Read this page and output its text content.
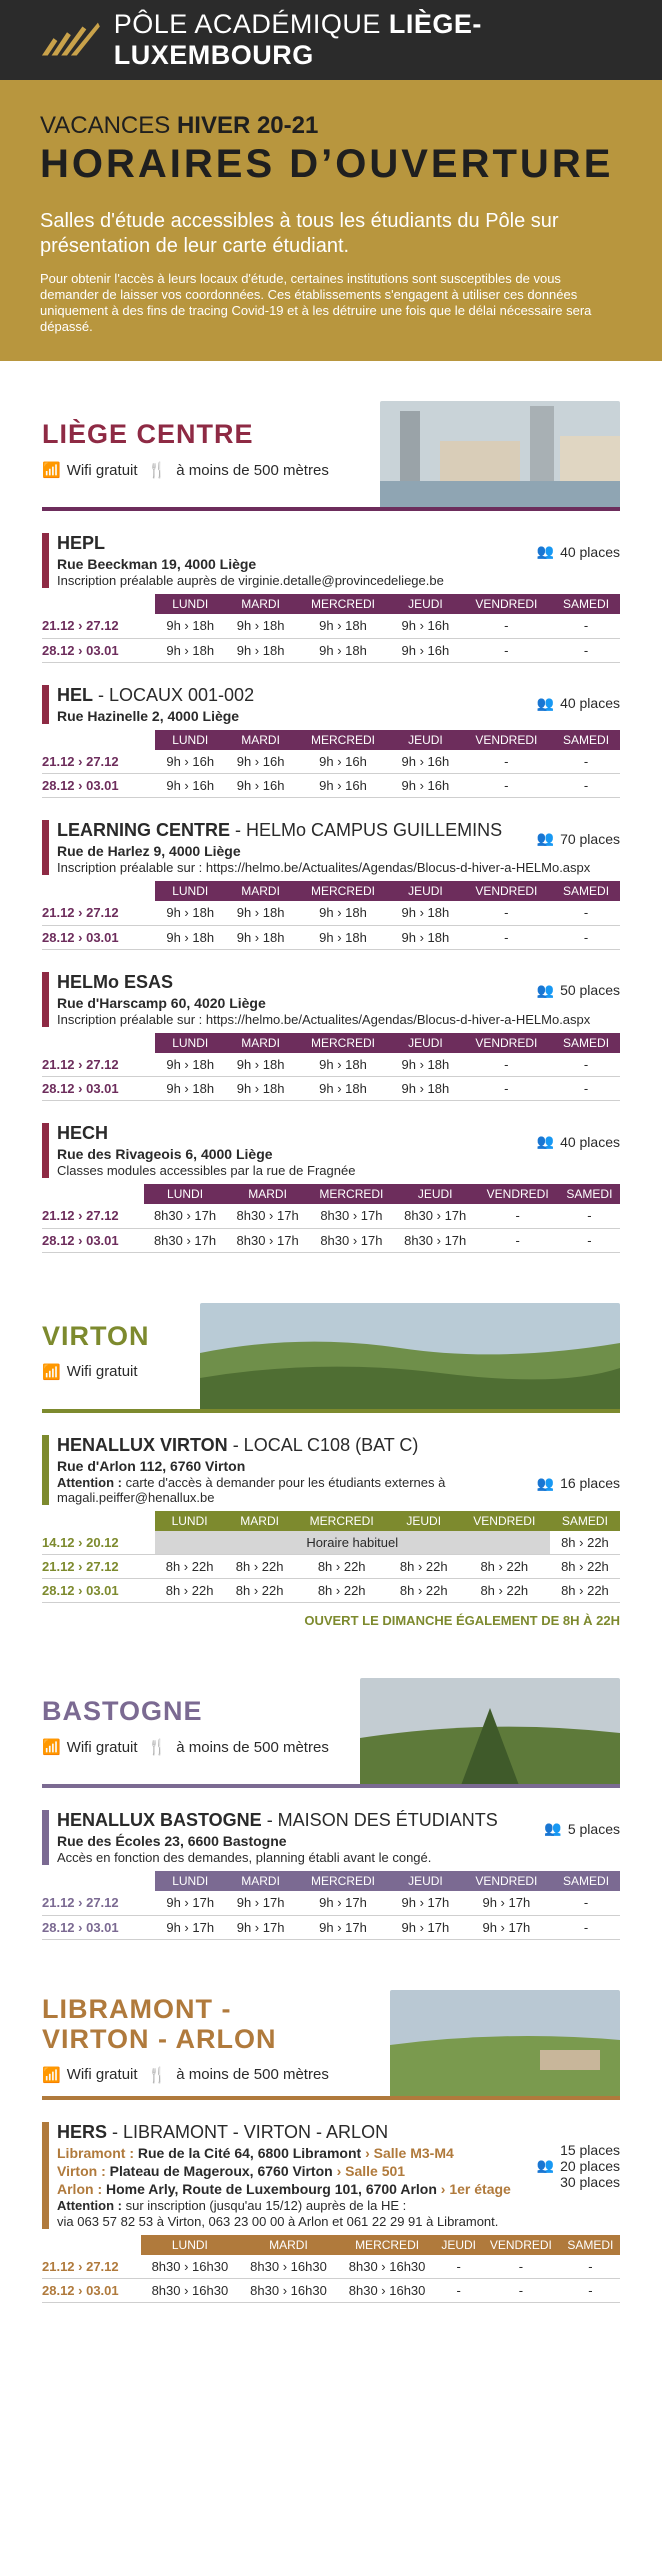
PÔLE ACADÉMIQUE LIÈGE-LUXEMBOURG
VACANCES HIVER 20-21
HORAIRES D’OUVERTURE
Salles d'étude accessibles à tous les étudiants du Pôle sur présentation de leur carte étudiant.
Pour obtenir l'accès à leurs locaux d'étude, certaines institutions sont susceptibles de vous demander de laisser vos coordonnées. Ces établissements s'engagent à utiliser ces données uniquement à des fins de tracing Covid-19 et à les détruire une fois que le délai nécessaire sera dépassé.
LIÈGE CENTRE
📶 Wifi gratuit 🍴 à moins de 500 mètres
HEPL
Rue Beeckman 19, 4000 Liège
Inscription préalable auprès de virginie.detalle@provincedeliege.be
👥 40 places
	LUNDI	MARDI	MERCREDI	JEUDI	VENDREDI	SAMEDI
21.12 › 27.12	9h › 18h	9h › 18h	9h › 18h	9h › 16h	-	-
28.12 › 03.01	9h › 18h	9h › 18h	9h › 18h	9h › 16h	-	-
HEL - LOCAUX 001-002
Rue Hazinelle 2, 4000 Liège
👥 40 places
	LUNDI	MARDI	MERCREDI	JEUDI	VENDREDI	SAMEDI
21.12 › 27.12	9h › 16h	9h › 16h	9h › 16h	9h › 16h	-	-
28.12 › 03.01	9h › 16h	9h › 16h	9h › 16h	9h › 16h	-	-
LEARNING CENTRE - HELMo CAMPUS GUILLEMINS
Rue de Harlez 9, 4000 Liège
Inscription préalable sur : https://helmo.be/Actualites/Agendas/Blocus-d-hiver-a-HELMo.aspx
👥 70 places
	LUNDI	MARDI	MERCREDI	JEUDI	VENDREDI	SAMEDI
21.12 › 27.12	9h › 18h	9h › 18h	9h › 18h	9h › 18h	-	-
28.12 › 03.01	9h › 18h	9h › 18h	9h › 18h	9h › 18h	-	-
HELMo ESAS
Rue d'Harscamp 60, 4020 Liège
Inscription préalable sur : https://helmo.be/Actualites/Agendas/Blocus-d-hiver-a-HELMo.aspx
👥 50 places
	LUNDI	MARDI	MERCREDI	JEUDI	VENDREDI	SAMEDI
21.12 › 27.12	9h › 18h	9h › 18h	9h › 18h	9h › 18h	-	-
28.12 › 03.01	9h › 18h	9h › 18h	9h › 18h	9h › 18h	-	-
HECH
Rue des Rivageois 6, 4000 Liège
Classes modules accessibles par la rue de Fragnée
👥 40 places
	LUNDI	MARDI	MERCREDI	JEUDI	VENDREDI	SAMEDI
21.12 › 27.12	8h30 › 17h	8h30 › 17h	8h30 › 17h	8h30 › 17h	-	-
28.12 › 03.01	8h30 › 17h	8h30 › 17h	8h30 › 17h	8h30 › 17h	-	-
VIRTON
📶 Wifi gratuit
HENALLUX VIRTON - LOCAL C108 (BAT C)
Rue d'Arlon 112, 6760 Virton
Attention : carte d'accès à demander pour les étudiants externes à magali.peiffer@henallux.be
👥 16 places
	LUNDI	MARDI	MERCREDI	JEUDI	VENDREDI	SAMEDI
14.12 › 20.12	Horaire habituel					8h › 22h
21.12 › 27.12	8h › 22h	8h › 22h	8h › 22h	8h › 22h	8h › 22h	8h › 22h
28.12 › 03.01	8h › 22h	8h › 22h	8h › 22h	8h › 22h	8h › 22h	8h › 22h
OUVERT LE DIMANCHE ÉGALEMENT DE 8H À 22H
BASTOGNE
📶 Wifi gratuit 🍴 à moins de 500 mètres
HENALLUX BASTOGNE - MAISON DES ÉTUDIANTS
Rue des Écoles 23, 6600 Bastogne
Accès en fonction des demandes, planning établi avant le congé.
👥 5 places
	LUNDI	MARDI	MERCREDI	JEUDI	VENDREDI	SAMEDI
21.12 › 27.12	9h › 17h	9h › 17h	9h › 17h	9h › 17h	9h › 17h	-
28.12 › 03.01	9h › 17h	9h › 17h	9h › 17h	9h › 17h	9h › 17h	-
LIBRAMONT -
VIRTON - ARLON
📶 Wifi gratuit 🍴 à moins de 500 mètres
HERS - LIBRAMONT - VIRTON - ARLON
Libramont : Rue de la Cité 64, 6800 Libramont › Salle M3-M4
Virton : Plateau de Mageroux, 6760 Virton › Salle 501
Arlon : Home Arly, Route de Luxembourg 101, 6700 Arlon › 1er étage
Attention : sur inscription (jusqu'au 15/12) auprès de la HE :
via 063 57 82 53 à Virton, 063 23 00 00 à Arlon et 061 22 29 91 à Libramont.
👥
15 places
20 places
30 places
	LUNDI	MARDI	MERCREDI	JEUDI	VENDREDI	SAMEDI
21.12 › 27.12	8h30 › 16h30	8h30 › 16h30	8h30 › 16h30	-	-	-
28.12 › 03.01	8h30 › 16h30	8h30 › 16h30	8h30 › 16h30	-	-	-
